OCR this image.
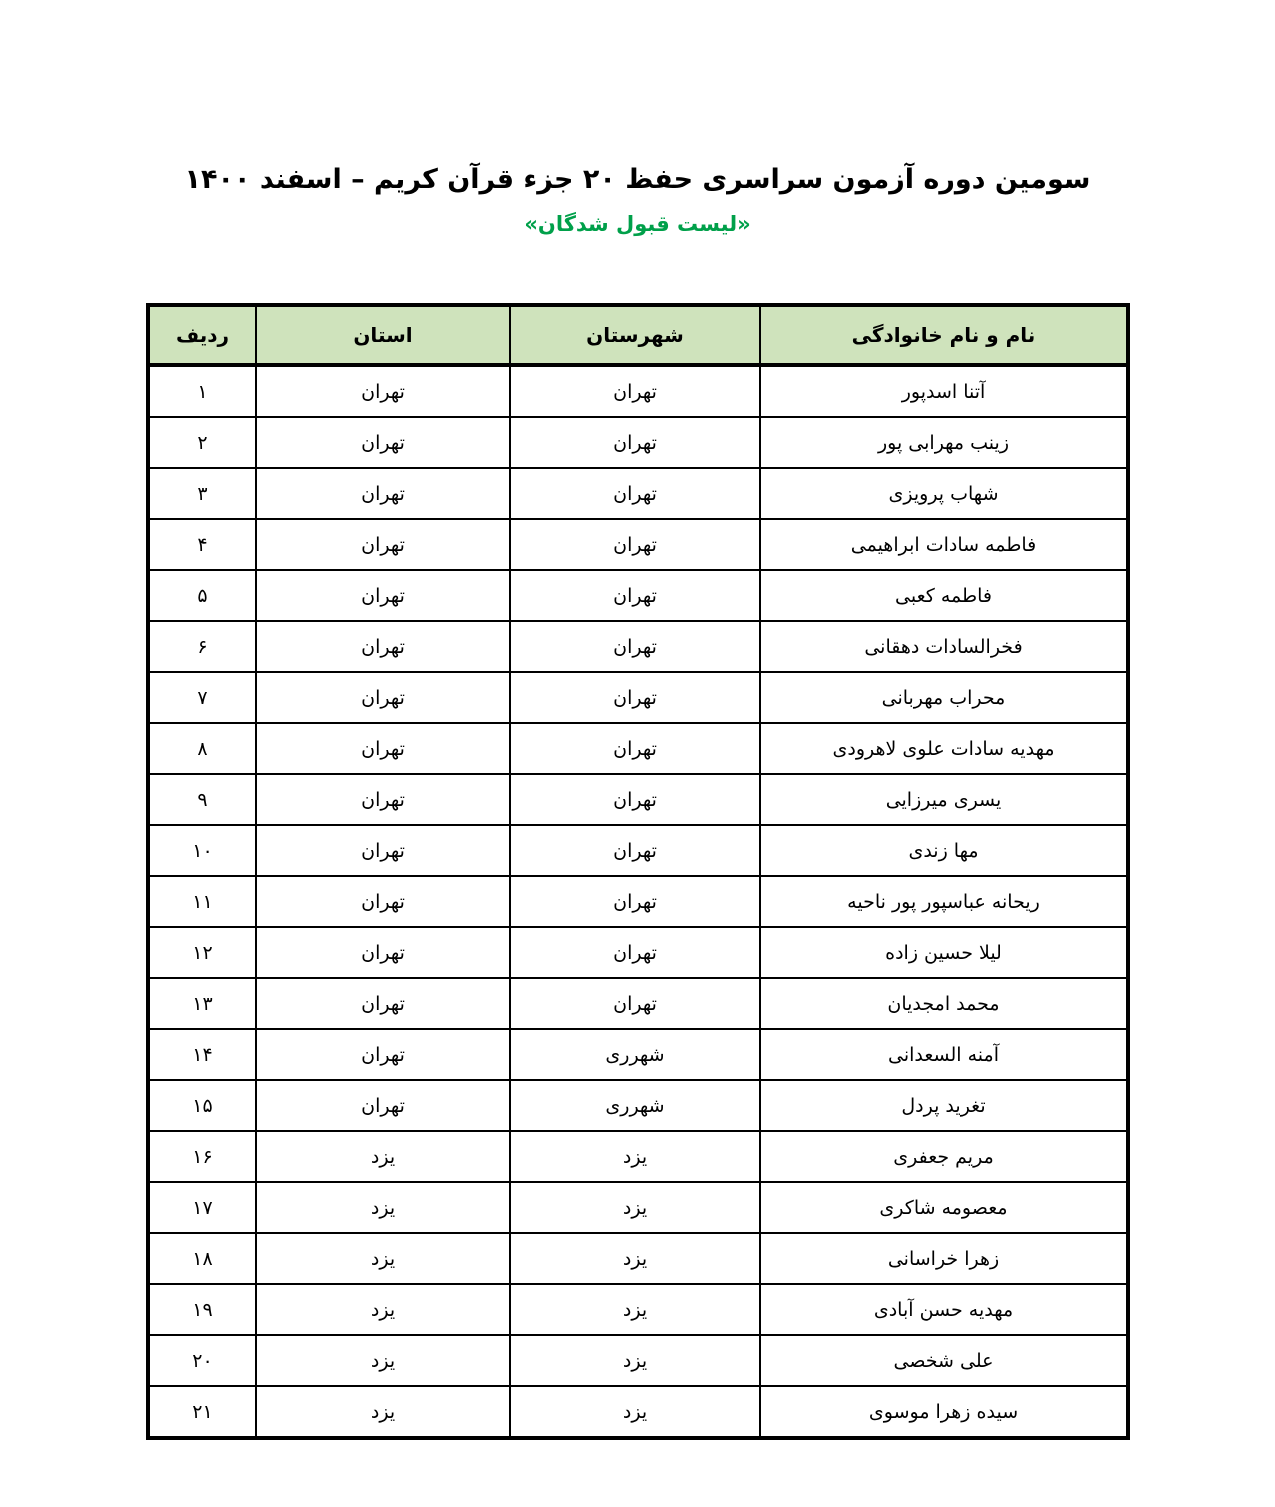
سومین دوره آزمون سراسری حفظ ۲۰ جزء قرآن کریم – اسفند ۱۴۰۰
«لیست قبول شدگان»
نام و نام خانوادگی	شهرستان	استان	ردیف
آتنا اسدپور	تهران	تهران	۱
زینب مهرابی پور	تهران	تهران	۲
شهاب پرویزی	تهران	تهران	۳
فاطمه سادات ابراهیمی	تهران	تهران	۴
فاطمه کعبی	تهران	تهران	۵
فخرالسادات دهقانی	تهران	تهران	۶
محراب مهربانی	تهران	تهران	۷
مهدیه سادات علوی لاهرودی	تهران	تهران	۸
یسری میرزایی	تهران	تهران	۹
مها زندی	تهران	تهران	۱۰
ریحانه عباسپور پور ناحیه	تهران	تهران	۱۱
لیلا حسین زاده	تهران	تهران	۱۲
محمد امجدیان	تهران	تهران	۱۳
آمنه السعدانی	شهرری	تهران	۱۴
تغرید پردل	شهرری	تهران	۱۵
مریم جعفری	یزد	یزد	۱۶
معصومه شاکری	یزد	یزد	۱۷
زهرا خراسانی	یزد	یزد	۱۸
مهدیه حسن آبادی	یزد	یزد	۱۹
علی شخصی	یزد	یزد	۲۰
سیده زهرا موسوی	یزد	یزد	۲۱
